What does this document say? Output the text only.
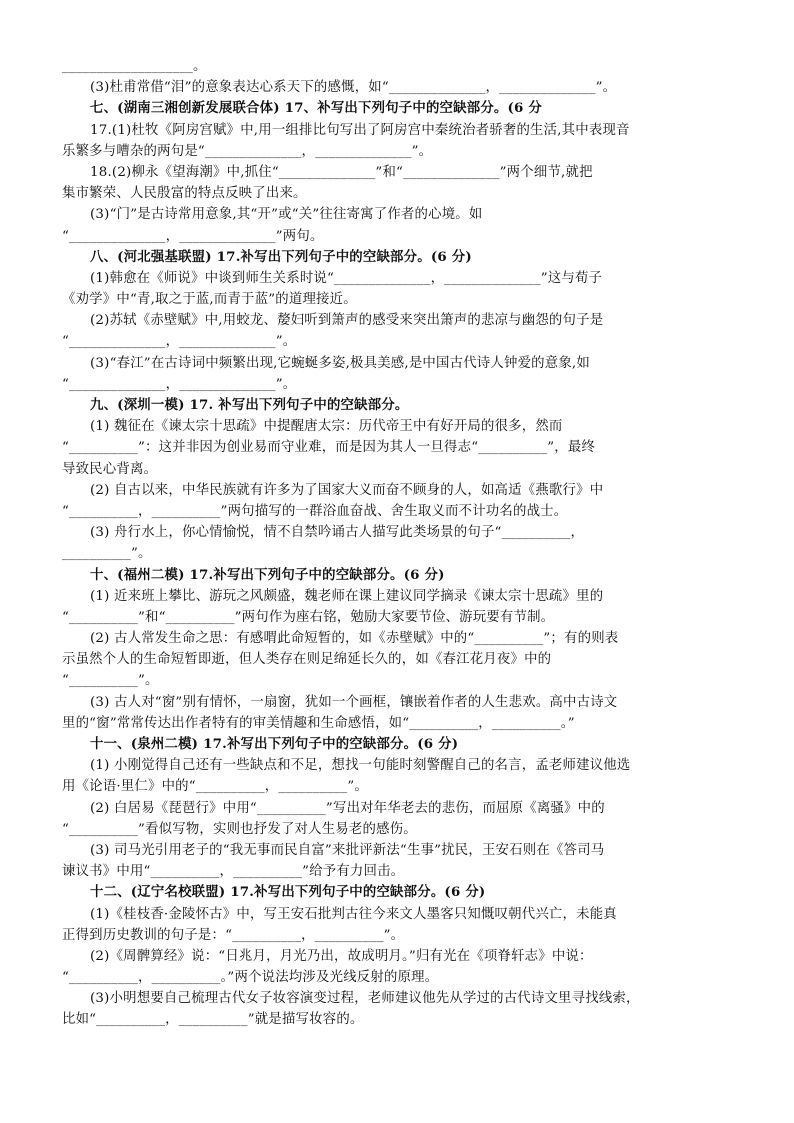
___________________。
(3)杜甫常借“泪”的意象表达心系天下的感慨，如“______________，______________”。
七、(湖南三湘创新发展联合体) 17、补写出下列句子中的空缺部分。(6 分
17.(1)杜牧《阿房宫赋》中,用一组排比句写出了阿房宫中秦统治者骄奢的生活,其中表现音
乐繁多与嘈杂的两句是“______________，______________”。
18.(2)柳永《望海潮》中,抓住“______________”和“______________”两个细节,就把
集市繁荣、人民殷富的特点反映了出来。
(3)“门”是古诗常用意象,其“开”或“关”往往寄寓了作者的心境。如
“______________，______________”两句。
八、(河北强基联盟) 17.补写出下列句子中的空缺部分。(6 分)
(1)韩愈在《师说》中谈到师生关系时说“______________，______________”这与荀子
《劝学》中“青,取之于蓝,而青于蓝”的道理接近。
(2)苏轼《赤壁赋》中,用蛟龙、嫠妇听到箫声的感受来突出箫声的悲凉与幽怨的句子是
“______________，______________”。
(3)“春江”在古诗词中频繁出现,它蜿蜒多姿,极具美感,是中国古代诗人钟爱的意象,如
“______________，______________”。
九、(深圳一模) 17. 补写出下列句子中的空缺部分。
(1) 魏征在《谏太宗十思疏》中提醒唐太宗：历代帝王中有好开局的很多，然而
“__________”：这并非因为创业易而守业难，而是因为其人一旦得志“__________”，最终
导致民心背离。
(2) 自古以来，中华民族就有许多为了国家大义而奋不顾身的人，如高适《燕歌行》中
“__________，__________”两句描写的一群浴血奋战、舍生取义而不计功名的战士。
(3) 舟行水上，你心情愉悦，情不自禁吟诵古人描写此类场景的句子“__________，
__________”。
十、(福州二模) 17.补写出下列句子中的空缺部分。(6 分)
(1) 近来班上攀比、游玩之风颇盛，魏老师在课上建议同学摘录《谏太宗十思疏》里的
“__________”和“__________”两句作为座右铭，勉励大家要节俭、游玩要有节制。
(2) 古人常发生命之思：有感喟此命短暂的，如《赤壁赋》中的“__________”；有的则表
示虽然个人的生命短暂即逝，但人类存在则足绵延长久的，如《春江花月夜》中的
“__________”。
(3) 古人对“窗”别有情怀，一扇窗，犹如一个画框，镶嵌着作者的人生悲欢。高中古诗文
里的“窗”常常传达出作者特有的审美情趣和生命感悟，如“__________，__________。”
十一、(泉州二模) 17.补写出下列句子中的空缺部分。(6 分)
(1) 小刚觉得自己还有一些缺点和不足，想找一句能时刻警醒自己的名言，孟老师建议他选
用《论语·里仁》中的“__________，__________”。
(2) 白居易《琵琶行》中用“__________”写出对年华老去的悲伤，而屈原《离骚》中的
“__________”看似写物，实则也抒发了对人生易老的感伤。
(3) 司马光引用老子的“我无事而民自富”来批评新法“生事”扰民，王安石则在《答司马
谏议书》中用“__________，__________”给予有力回击。
十二、(辽宁名校联盟) 17.补写出下列句子中的空缺部分。(6 分)
(1)《桂枝香·金陵怀古》中，写王安石批判古往今来文人墨客只知慨叹朝代兴亡，未能真
正得到历史教训的句子是：“__________，__________”。
(2)《周髀算经》说：“日兆月，月光乃出，故成明月。”归有光在《项脊轩志》中说：
“__________，__________。”两个说法均涉及光线反射的原理。
(3)小明想要自己梳理古代女子妆容演变过程，老师建议他先从学过的古代诗文里寻找线索，
比如“__________，__________”就是描写妆容的。
